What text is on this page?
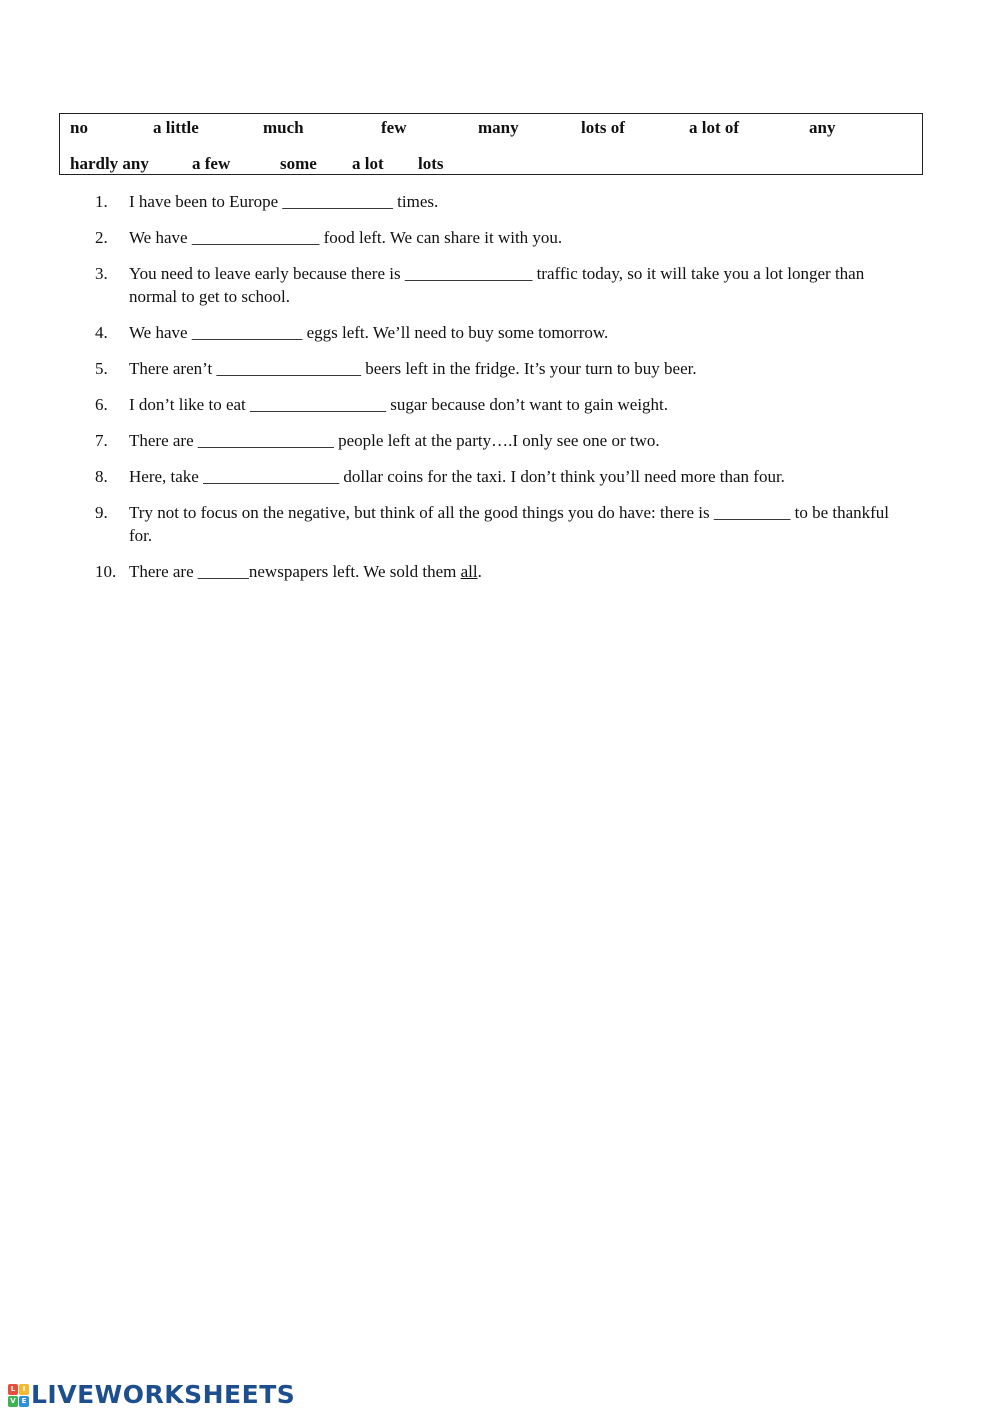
no	a little	much	few	many	lots of	a lot of	any
hardly any	a few	some a lot lots
1.	I have been to Europe _____________ times.
2.	We have _______________ food left. We can share it with you.
3.	You need to leave early because there is _______________ traffic today, so it will take you a lot longer than normal to get to school.
4.	We have _____________ eggs left. We’ll need to buy some tomorrow.
5.	There aren’t _________________ beers left in the fridge. It’s your turn to buy beer.
6.	I don’t like to eat ________________ sugar because don’t want to gain weight.
7.	There are ________________ people left at the party….I only see one or two.
8.	Here, take ________________ dollar coins for the taxi. I don’t think you’ll need more than four.
9.	Try not to focus on the negative, but think of all the good things you do have: there is _________ to be thankful for.
10. There are ______newspapers left. We sold them all.
L	I
V E LIVEWORKSHEETS
